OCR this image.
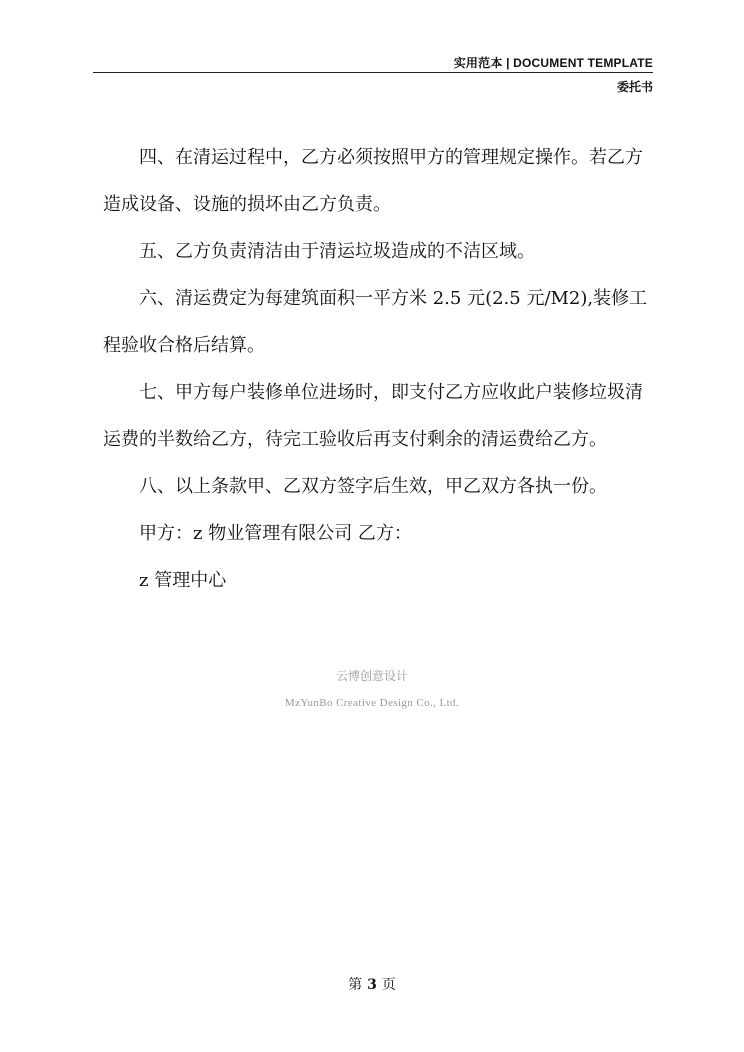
实用范本 | DOCUMENT TEMPLATE
委托书

四、在清运过程中，乙方必须按照甲方的管理规定操作。若乙方造成设备、设施的损坏由乙方负责。

五、乙方负责清洁由于清运垃圾造成的不洁区域。

六、清运费定为每建筑面积一平方米 2.5 元(2.5 元/M2),装修工程验收合格后结算。

七、甲方每户装修单位进场时，即支付乙方应收此户装修垃圾清运费的半数给乙方，待完工验收后再支付剩余的清运费给乙方。

八、以上条款甲、乙双方签字后生效，甲乙双方各执一份。

甲方：z 物业管理有限公司 乙方：

z 管理中心

云博创意设计
MzYunBo Creative Design Co., Ltd.
第 3 页
